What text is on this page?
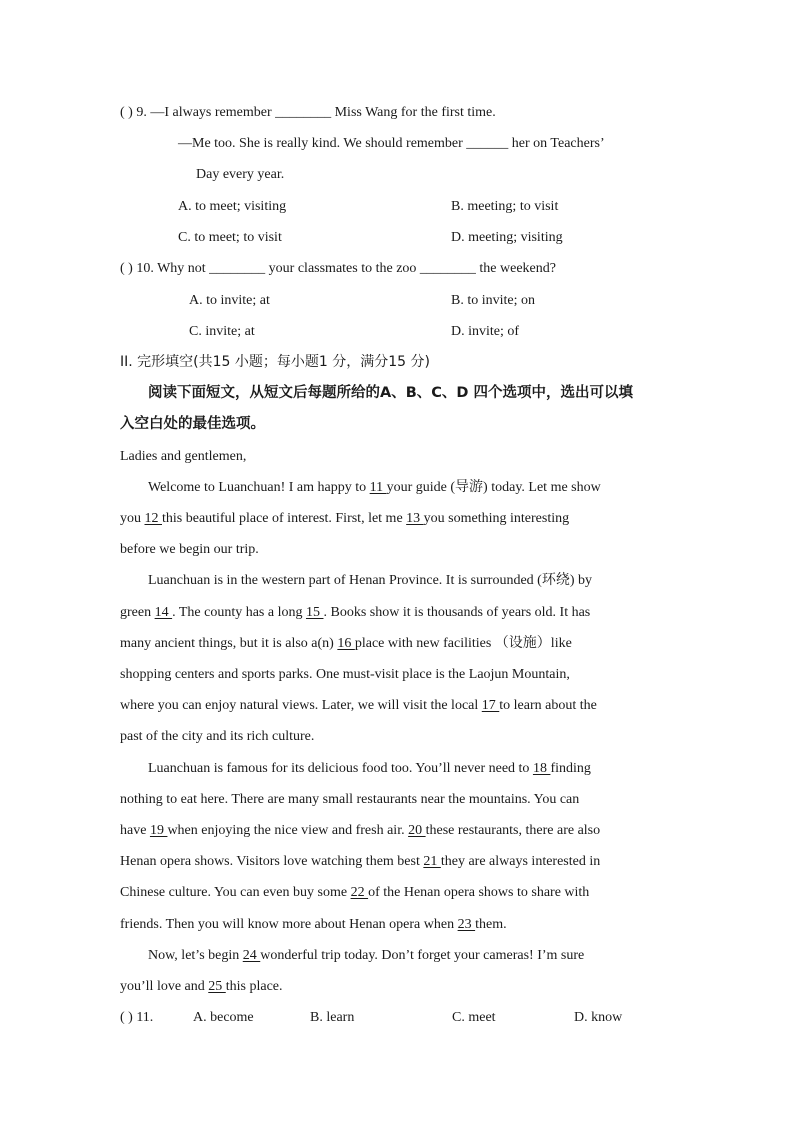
( ) 9. —I always remember ________ Miss Wang for the first time.
—Me too. She is really kind. We should remember ______ her on Teachers’
Day every year.
A. to meet; visiting	B. meeting; to visit
C. to meet; to visit	D. meeting; visiting
( ) 10. Why not ________ your classmates to the zoo ________ the weekend?
A. to invite; at	B. to invite; on
C. invite; at	D. invite; of
II. 完形填空(共15 小题；每小题1 分，满分15 分)
阅读下面短文，从短文后每题所给的A、B、C、D 四个选项中，选出可以填
入空白处的最佳选项。
Ladies and gentlemen,
Welcome to Luanchuan! I am happy to 11 your guide (导游) today. Let me show
you 12 this beautiful place of interest. First, let me 13 you something interesting
before we begin our trip.
Luanchuan is in the western part of Henan Province. It is surrounded (环绕) by
green 14 . The county has a long 15 . Books show it is thousands of years old. It has
many ancient things, but it is also a(n) 16 place with new facilities （设施）like
shopping centers and sports parks. One must-visit place is the Laojun Mountain,
where you can enjoy natural views. Later, we will visit the local 17 to learn about the
past of the city and its rich culture.
Luanchuan is famous for its delicious food too. You’ll never need to 18 finding
nothing to eat here. There are many small restaurants near the mountains. You can
have 19 when enjoying the nice view and fresh air. 20 these restaurants, there are also
Henan opera shows. Visitors love watching them best 21 they are always interested in
Chinese culture. You can even buy some 22 of the Henan opera shows to share with
friends. Then you will know more about Henan opera when 23 them.
Now, let’s begin 24 wonderful trip today. Don’t forget your cameras! I’m sure
you’ll love and 25 this place.
( ) 11.	A. become	B. learn	C. meet	D. know
